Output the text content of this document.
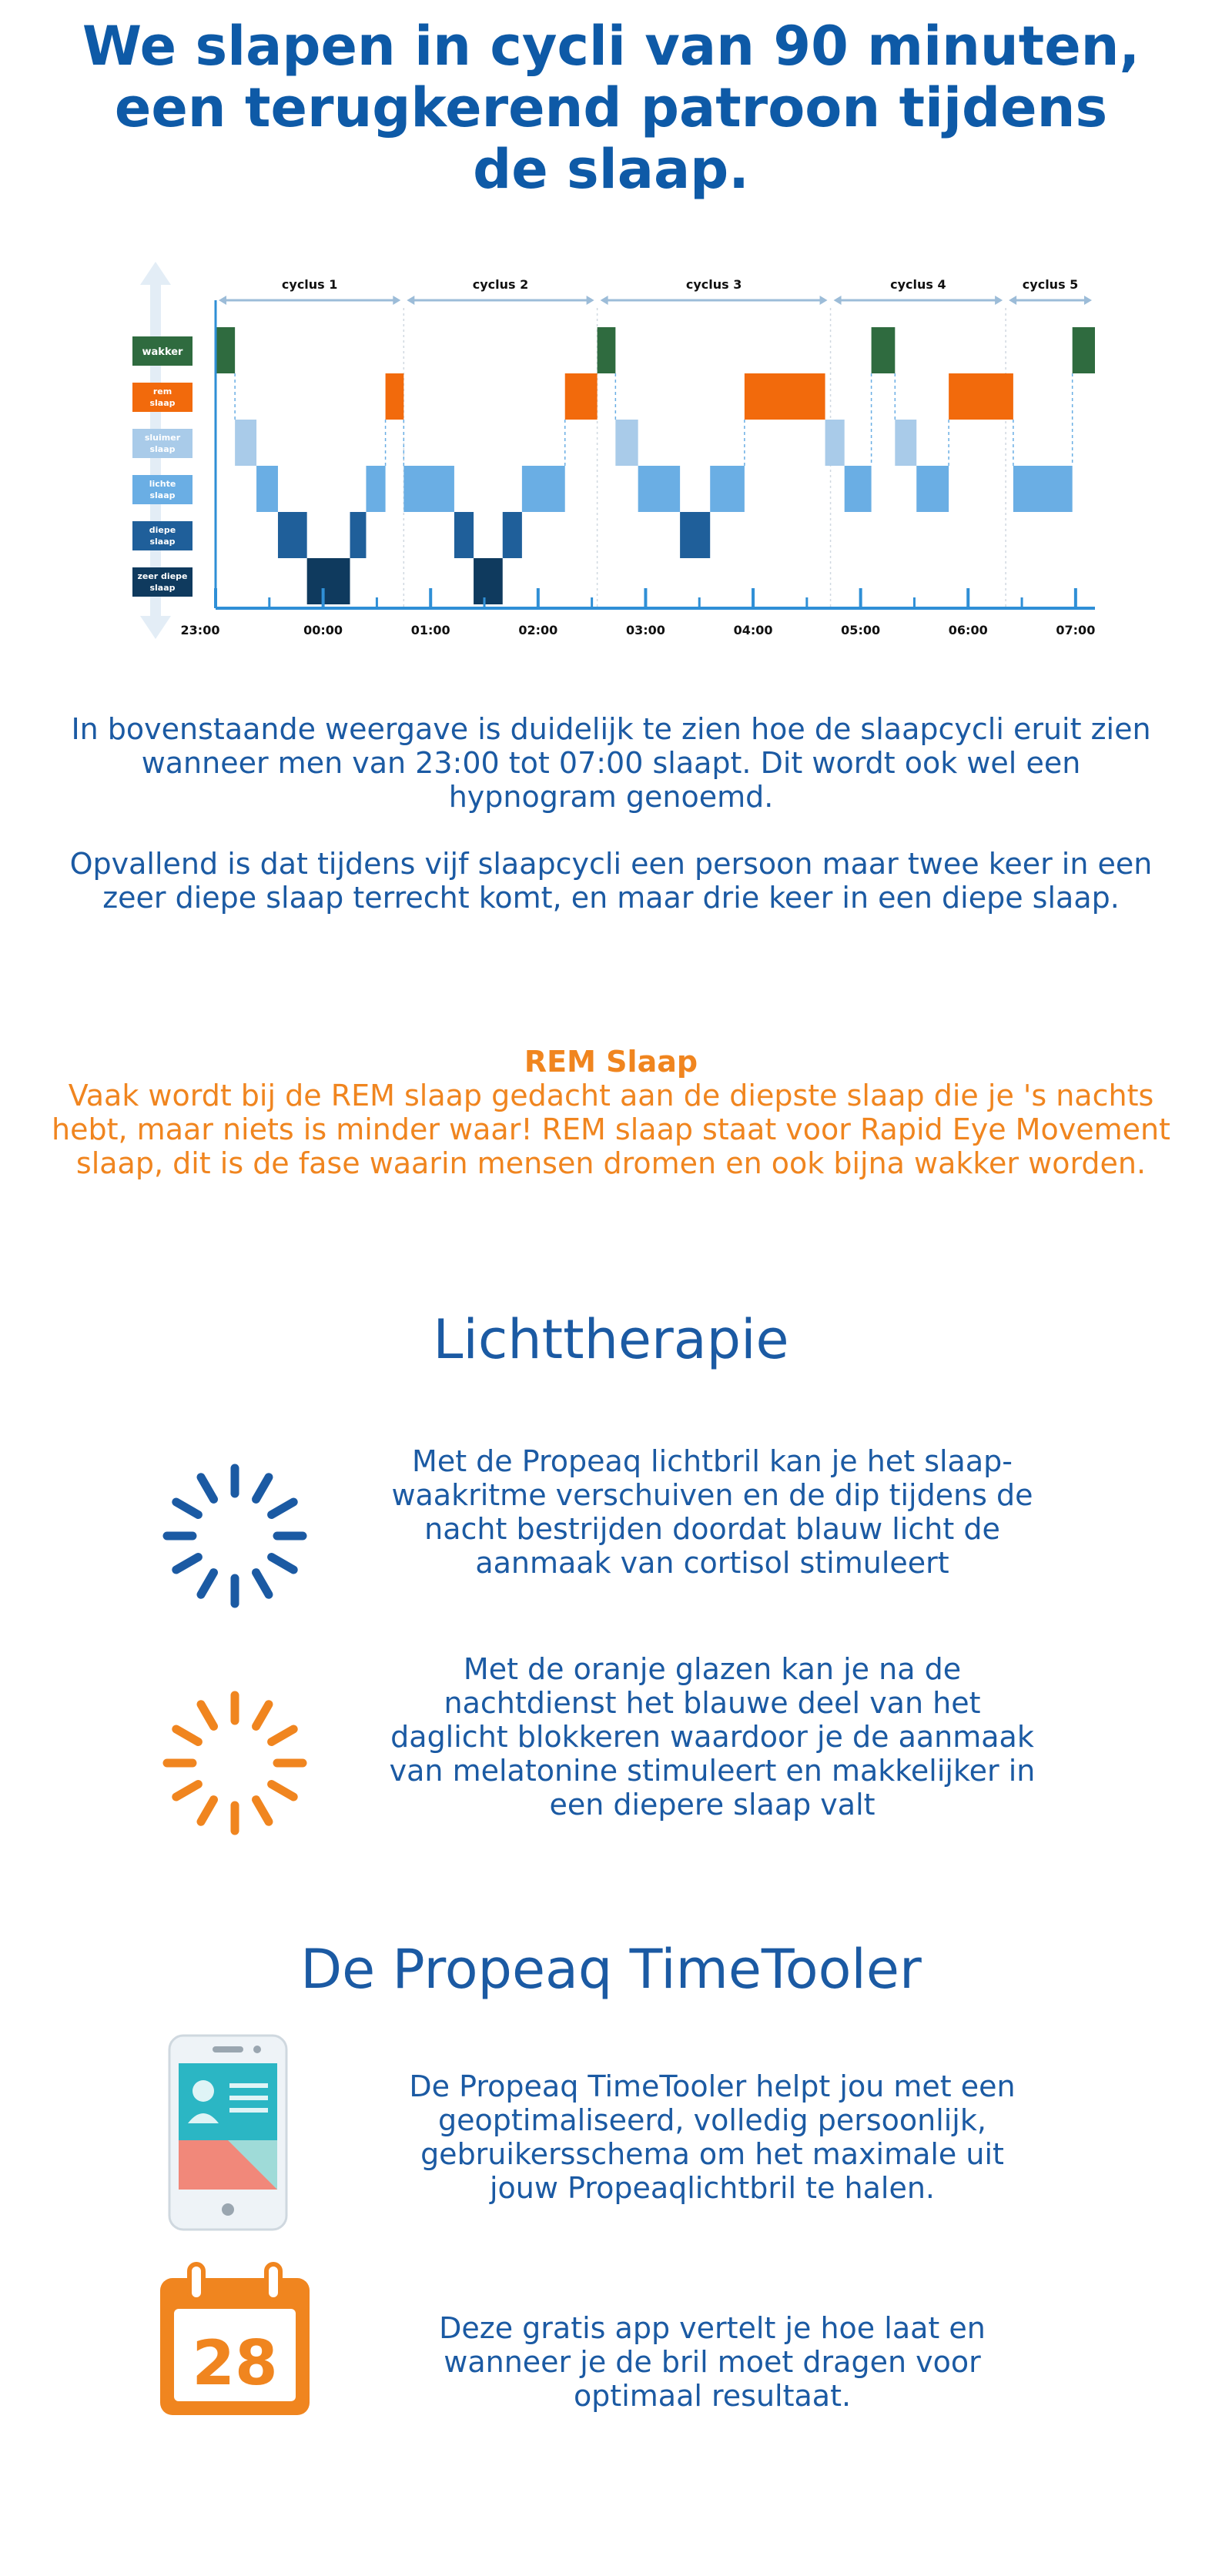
We slapen in cycli van 90 minuten, een terugkerend patroon tijdens de slaap.
wakker
rem
slaap
sluimer
slaap
lichte
slaap
diepe
slaap
zeer diepe
slaap
cyclus 1	cyclus 2	cyclus 3	cyclus 4	cyclus 5
23:00	00:00	01:00	02:00	03:00	04:00	05:00	06:00	07:00

In bovenstaande weergave is duidelijk te zien hoe de slaapcycli eruit zien wanneer men van 23:00 tot 07:00 slaapt. Dit wordt ook wel een hypnogram genoemd.

Opvallend is dat tijdens vijf slaapcycli een persoon maar twee keer in een zeer diepe slaap terrecht komt, en maar drie keer in een diepe slaap.

REM Slaap

Vaak wordt bij de REM slaap gedacht aan de diepste slaap die je 's nachts hebt, maar niets is minder waar! REM slaap staat voor Rapid Eye Movement slaap, dit is de fase waarin mensen dromen en ook bijna wakker worden.

Lichttherapie

Met de Propeaq lichtbril kan je het slaap- waakritme verschuiven en de dip tijdens de nacht bestrijden doordat blauw licht de aanmaak van cortisol stimuleert

Met de oranje glazen kan je na de nachtdienst het blauwe deel van het daglicht blokkeren waardoor je de aanmaak van melatonine stimuleert en makkelijker in een diepere slaap valt

De Propeaq TimeTooler

De Propeaq TimeTooler helpt jou met een geoptimaliseerd, volledig persoonlijk, gebruikersschema om het maximale uit jouw Propeaqlichtbril te halen.

28	Deze gratis app vertelt je hoe laat en wanneer je de bril moet dragen voor optimaal resultaat.
